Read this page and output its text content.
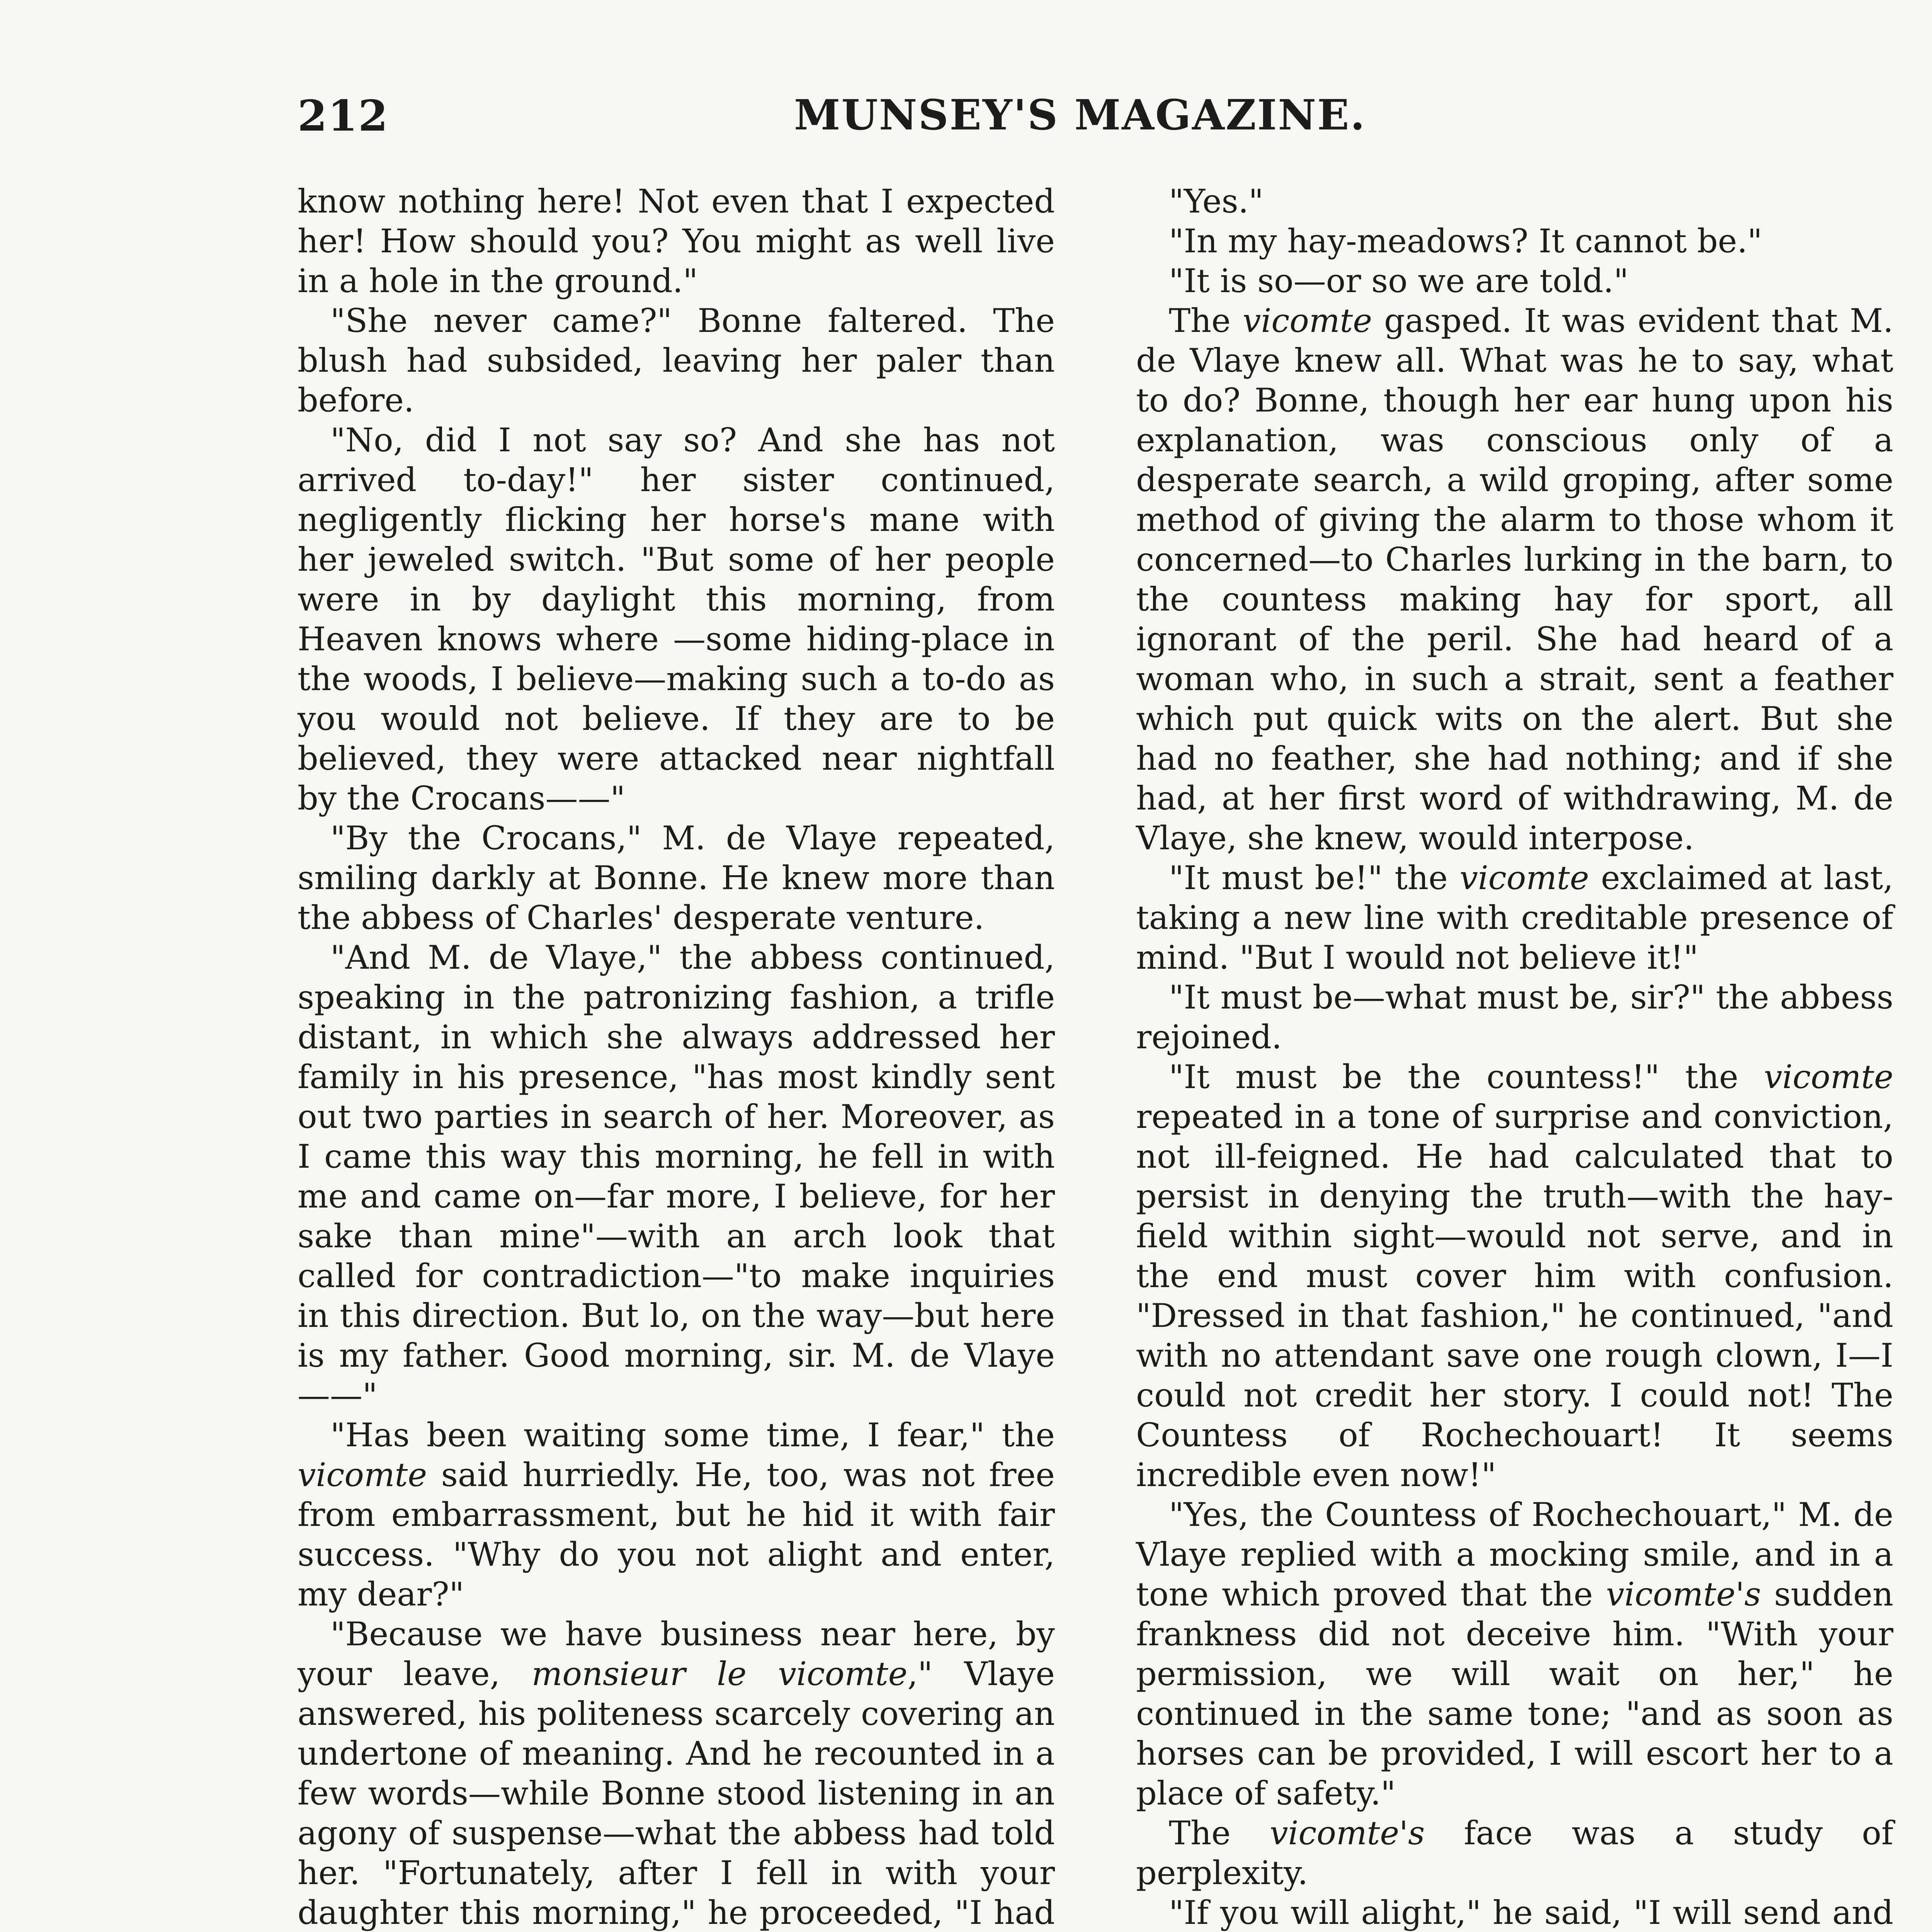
212	MUNSEY'S MAGAZINE.

know nothing here! Not even that I expected her! How should you? You might as well live in a hole in the ground."

"She never came?" Bonne faltered. The blush had subsided, leaving her paler than before.

"No, did I not say so? And she has not arrived to-day!" her sister continued, negligently flicking her horse's mane with her jeweled switch. "But some of her people were in by daylight this morning, from Heaven knows where —some hiding-place in the woods, I believe—making such a to-do as you would not believe. If they are to be believed, they were attacked near nightfall by the Crocans——"

"By the Crocans," M. de Vlaye repeated, smiling darkly at Bonne. He knew more than the abbess of Charles' desperate venture.

"And M. de Vlaye," the abbess continued, speaking in the patronizing fashion, a trifle distant, in which she always addressed her family in his presence, "has most kindly sent out two parties in search of her. Moreover, as I came this way this morning, he fell in with me and came on—far more, I believe, for her sake than mine"—with an arch look that called for contradiction—"to make inquiries in this direction. But lo, on the way—but here is my father. Good morning, sir. M. de Vlaye——"

"Has been waiting some time, I fear," the vicomte said hurriedly. He, too, was not free from embarrassment, but he hid it with fair success. "Why do you not alight and enter, my dear?"

"Because we have business near here, by your leave, monsieur le vicomte," Vlaye answered, his politeness scarcely covering an undertone of meaning. And he recounted in a few words—while Bonne stood listening in an agony of suspense—what the abbess had told her. "Fortunately, after I fell in with your daughter this morning," he proceeded, "I had

"Yes."

"In my hay-meadows? It cannot be."

"It is so—or so we are told."

The vicomte gasped. It was evident that M. de Vlaye knew all. What was he to say, what to do? Bonne, though her ear hung upon his explanation, was conscious only of a desperate search, a wild groping, after some method of giving the alarm to those whom it concerned—to Charles lurking in the barn, to the countess making hay for sport, all ignorant of the peril. She had heard of a woman who, in such a strait, sent a feather which put quick wits on the alert. But she had no feather, she had nothing; and if she had, at her first word of withdrawing, M. de Vlaye, she knew, would interpose.

"It must be!" the vicomte exclaimed at last, taking a new line with creditable presence of mind. "But I would not believe it!"

"It must be—what must be, sir?" the abbess rejoined.

"It must be the countess!" the vicomte repeated in a tone of surprise and conviction, not ill-feigned. He had calculated that to persist in denying the truth—with the hay-field within sight—would not serve, and in the end must cover him with confusion. "Dressed in that fashion," he continued, "and with no attendant save one rough clown, I—I could not credit her story. I could not! The Countess of Rochechouart! It seems incredible even now!"

"Yes, the Countess of Rochechouart," M. de Vlaye replied with a mocking smile, and in a tone which proved that the vicomte's sudden frankness did not deceive him. "With your permission, we will wait on her," he continued in the same tone; "and as soon as horses can be provided, I will escort her to a place of safety."

The vicomte's face was a study of perplexity.

"If you will alight," he said, "I will send and
